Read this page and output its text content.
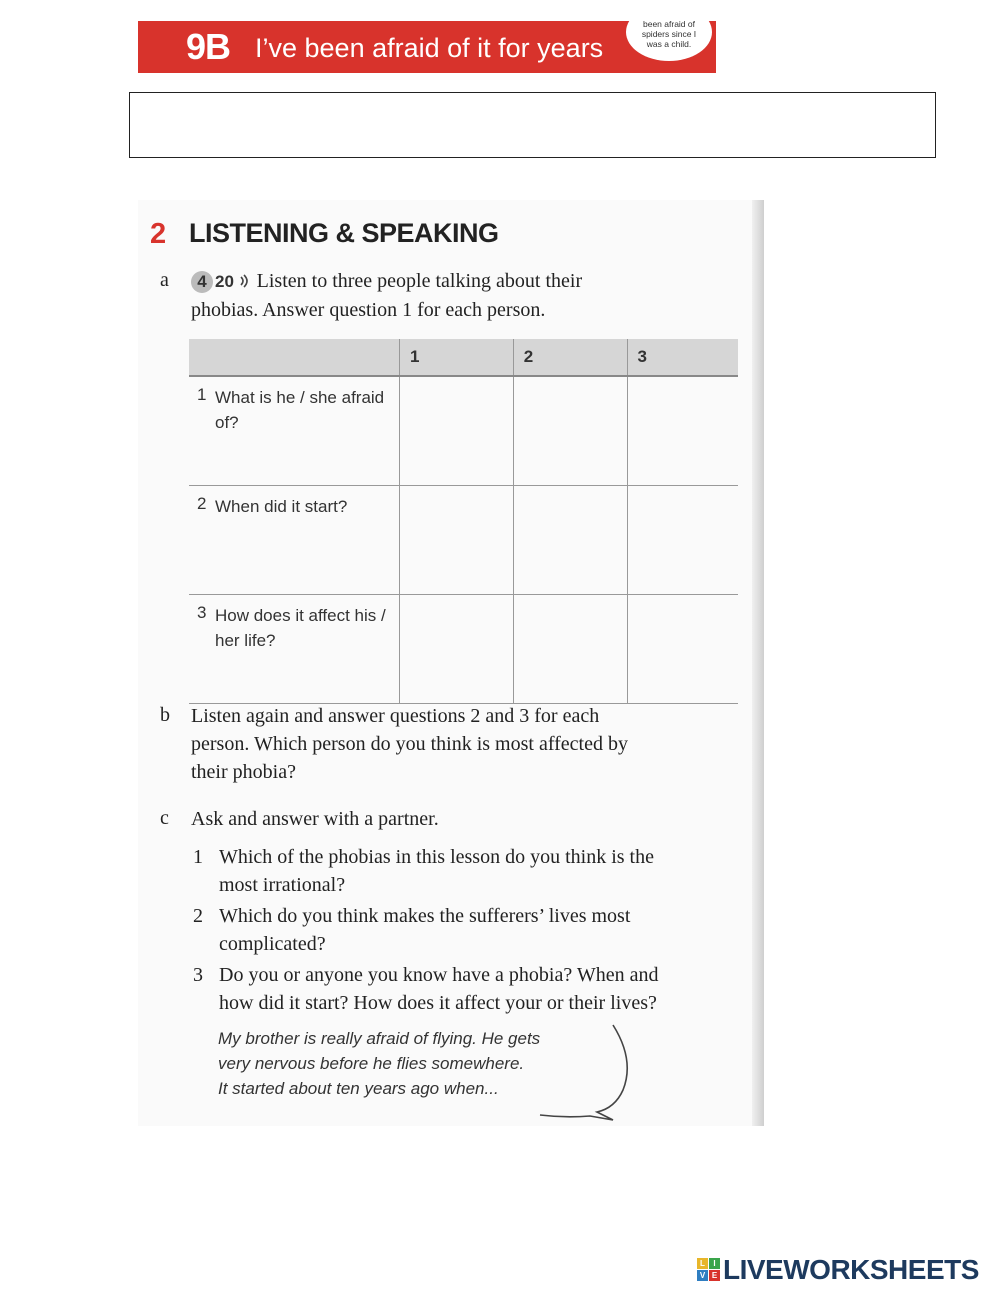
9B I’ve been afraid of it for years
been afraid of
spiders since I
was a child.
2 LISTENING & SPEAKING
a	4 20 Listen to three people talking about their
phobias. Answer question 1 for each person.
	1	2	3
1 What is he / she afraid of?			
2 When did it start?			
3 How does it affect his / her life?			
b Listen again and answer questions 2 and 3 for each
person. Which person do you think is most affected by
their phobia?
c Ask and answer with a partner.
1 Which of the phobias in this lesson do you think is the
most irrational?
2 Which do you think makes the sufferers’ lives most
complicated?
3 Do you or anyone you know have a phobia? When and
how did it start? How does it affect your or their lives?
My brother is really afraid of flying. He gets
very nervous before he flies somewhere.
It started about ten years ago when...
L	I
V E LIVEWORKSHEETS
